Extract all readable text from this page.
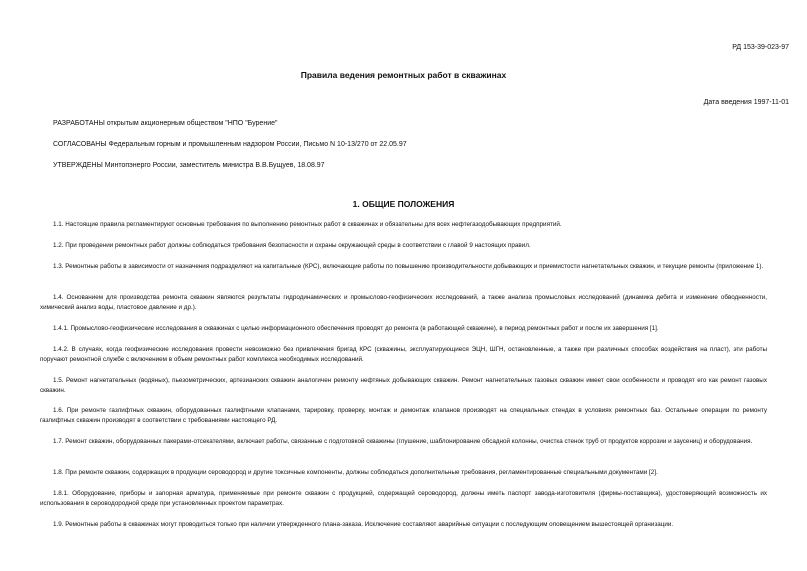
РД 153-39-023-97
Правила ведения ремонтных работ в скважинах
Дата введения 1997-11-01
РАЗРАБОТАНЫ открытым акционерным обществом "НПО "Бурение"
СОГЛАСОВАНЫ Федеральным горным и промышленным надзором России, Письмо N 10-13/270 от 22.05.97
УТВЕРЖДЕНЫ Минтопэнерго России, заместитель министра В.В.Бущуев, 18.08.97
1. ОБЩИЕ ПОЛОЖЕНИЯ

1.1. Настоящие правила регламентируют основные требования по выполнению ремонтных работ в скважинах и обязательны для всех нефтегазодобывающих предприятий.

1.2. При проведении ремонтных работ должны соблюдаться требования безопасности и охраны окружающей среды в соответствии с главой 9 настоящих правил.

1.3. Ремонтные работы в зависимости от назначения подразделяют на капитальные (КРС), включающие работы по повышению производительности добывающих и приемистости нагнетательных скважин, и текущие ремонты (приложение 1).

1.4. Основанием для производства ремонта скважин являются результаты гидродинамических и промыслово-геофизических исследований, а также анализа промысловых исследований (динамика дебита и изменение обводненности, химический анализ воды, пластовое давление и др.).

1.4.1. Промыслово-геофизические исследования в скважинах с целью информационного обеспечения проводят до ремонта (в работающей скважине), в период ремонтных работ и после их завершения [1].

1.4.2. В случаях, когда геофизические исследования провести невозможно без привлечения бригад КРС (скважины, эксплуатирующиеся ЭЦН, ШГН, остановленные, а также при различных способах воздействия на пласт), эти работы поручают ремонтной службе с включением в объем ремонтных работ комплекса необходимых исследований.

1.5. Ремонт нагнетательных (водяных), пьезометрических, артезианских скважин аналогичен ремонту нефтяных добывающих скважин. Ремонт нагнетательных газовых скважин имеет свои особенности и проводят его как ремонт газовых скважин.

1.6. При ремонте газлифтных скважин, оборудованных газлифтными клапанами, тарировку, проверку, монтаж и демонтаж клапанов производят на специальных стендах в условиях ремонтных баз. Остальные операции по ремонту газлифтных скважин производят в соответствии с требованиями настоящего РД.

1.7. Ремонт скважин, оборудованных пакерами-отсекателями, включает работы, связанные с подготовкой скважины (глушение, шаблонирование обсадной колонны, очистка стенок труб от продуктов коррозии и заусениц) и оборудования.

1.8. При ремонте скважин, содержащих в продукции сероводород и другие токсичные компоненты, должны соблюдаться дополнительные требования, регламентированные специальными документами [2].

1.8.1. Оборудование, приборы и запорная арматура, применяемые при ремонте скважин с продукцией, содержащей сероводород, должны иметь паспорт завода-изготовителя (фирмы-поставщика), удостоверяющий возможность их использования в сероводородной среде при установленных проектом параметрах.

1.9. Ремонтные работы в скважинах могут проводиться только при наличии утвержденного плана-заказа. Исключение составляют аварийные ситуации с последующим оповещением вышестоящей организации.
